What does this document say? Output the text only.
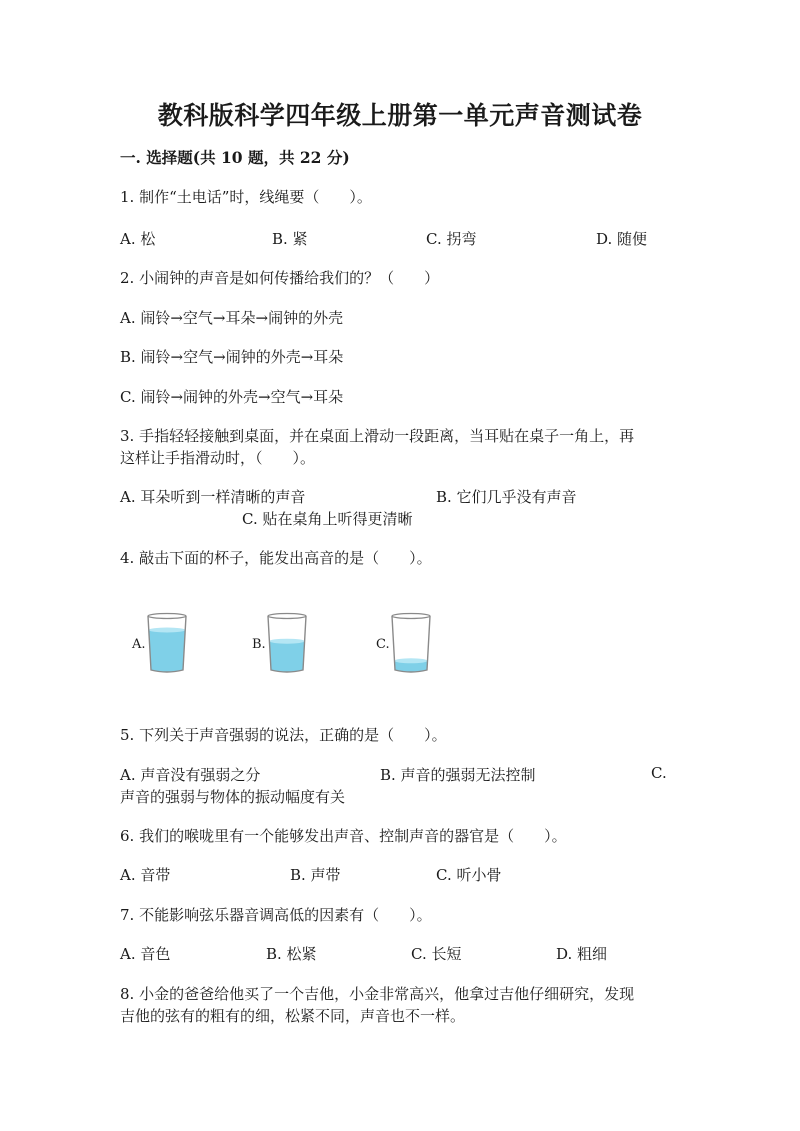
教科版科学四年级上册第一单元声音测试卷
一. 选择题(共 10 题，共 22 分)
1. 制作“土电话”时，线绳要（　　）。
A. 松	B. 紧	C. 拐弯	D. 随便
2. 小闹钟的声音是如何传播给我们的？（　　）
A. 闹铃→空气→耳朵→闹钟的外壳
B. 闹铃→空气→闹钟的外壳→耳朵
C. 闹铃→闹钟的外壳→空气→耳朵
3. 手指轻轻接触到桌面，并在桌面上滑动一段距离，当耳贴在桌子一角上，再
这样让手指滑动时，（　　）。
A. 耳朵听到一样清晰的声音	B. 它们几乎没有声音
C. 贴在桌角上听得更清晰
4. 敲击下面的杯子，能发出高音的是（　　）。
A.	B.	C.
5. 下列关于声音强弱的说法，正确的是（　　）。
A. 声音没有强弱之分	B. 声音的强弱无法控制	C.
声音的强弱与物体的振动幅度有关
6. 我们的喉咙里有一个能够发出声音、控制声音的器官是（　　）。
A. 音带	B. 声带	C. 听小骨
7. 不能影响弦乐器音调高低的因素有（　　）。
A. 音色	B. 松紧	C. 长短	D. 粗细
8. 小金的爸爸给他买了一个吉他，小金非常高兴，他拿过吉他仔细研究，发现
吉他的弦有的粗有的细，松紧不同，声音也不一样。
